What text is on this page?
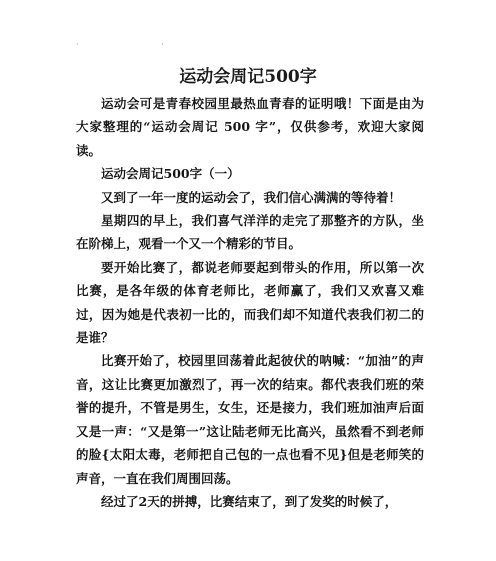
· ·
运动会周记500字

运动会可是青春校园里最热血青春的证明哦！下面是由为大家整理的“运动会周记 500 字”，仅供参考，欢迎大家阅读。

运动会周记500字（一）

又到了一年一度的运动会了，我们信心满满的等待着！

星期四的早上，我们喜气洋洋的走完了那整齐的方队，坐在阶梯上，观看一个又一个精彩的节目。

要开始比赛了，都说老师要起到带头的作用，所以第一次比赛，是各年级的体育老师比，老师赢了，我们又欢喜又难过，因为她是代表初一比的，而我们却不知道代表我们初二的是谁？

比赛开始了，校园里回荡着此起彼伏的呐喊：“加油”的声音，这让比赛更加激烈了，再一次的结束。都代表我们班的荣誉的提升，不管是男生，女生，还是接力，我们班加油声后面又是一声：“又是第一”这让陆老师无比高兴，虽然看不到老师的脸{太阳太毒，老师把自己包的一点也看不见}但是老师笑的声音，一直在我们周围回荡。

经过了2天的拼搏，比赛结束了，到了发奖的时候了，
